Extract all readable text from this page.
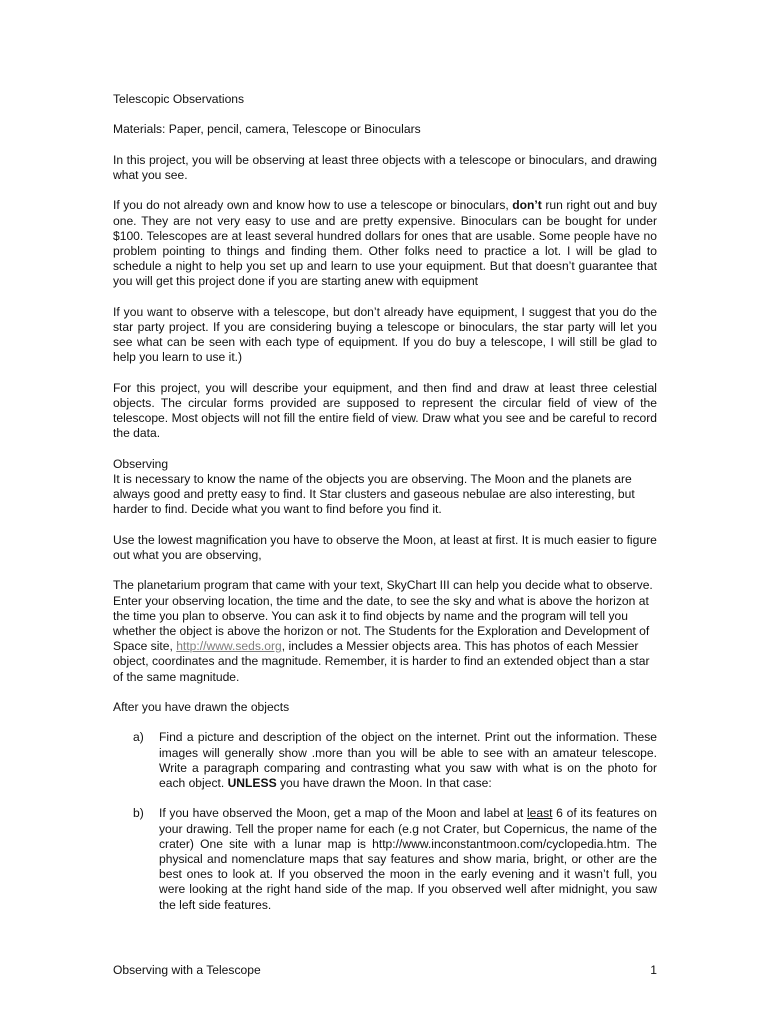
Telescopic Observations

Materials: Paper, pencil, camera, Telescope or Binoculars

In this project, you will be observing at least three objects with a telescope or binoculars, and drawing what you see.

If you do not already own and know how to use a telescope or binoculars, don’t run right out and buy one. They are not very easy to use and are pretty expensive. Binoculars can be bought for under $100. Telescopes are at least several hundred dollars for ones that are usable. Some people have no problem pointing to things and finding them. Other folks need to practice a lot. I will be glad to schedule a night to help you set up and learn to use your equipment. But that doesn’t guarantee that you will get this project done if you are starting anew with equipment

If you want to observe with a telescope, but don’t already have equipment, I suggest that you do the star party project. If you are considering buying a telescope or binoculars, the star party will let you see what can be seen with each type of equipment. If you do buy a telescope, I will still be glad to help you learn to use it.)

For this project, you will describe your equipment, and then find and draw at least three celestial objects. The circular forms provided are supposed to represent the circular field of view of the telescope. Most objects will not fill the entire field of view. Draw what you see and be careful to record the data.

Observing

It is necessary to know the name of the objects you are observing. The Moon and the planets are always good and pretty easy to find. It Star clusters and gaseous nebulae are also interesting, but harder to find. Decide what you want to find before you find it.

Use the lowest magnification you have to observe the Moon, at least at first. It is much easier to figure out what you are observing,

The planetarium program that came with your text, SkyChart III can help you decide what to observe. Enter your observing location, the time and the date, to see the sky and what is above the horizon at the time you plan to observe. You can ask it to find objects by name and the program will tell you whether the object is above the horizon or not. The Students for the Exploration and Development of Space site, http://www.seds.org, includes a Messier objects area. This has photos of each Messier object, coordinates and the magnitude. Remember, it is harder to find an extended object than a star of the same magnitude.

After you have drawn the objects

a) Find a picture and description of the object on the internet. Print out the information. These images will generally show .more than you will be able to see with an amateur telescope. Write a paragraph comparing and contrasting what you saw with what is on the photo for each object. UNLESS you have drawn the Moon. In that case:
b) If you have observed the Moon, get a map of the Moon and label at least 6 of its features on your drawing. Tell the proper name for each (e.g not Crater, but Copernicus, the name of the crater) One site with a lunar map is http://www.inconstantmoon.com/cyclopedia.htm. The physical and nomenclature maps that say features and show maria, bright, or other are the best ones to look at. If you observed the moon in the early evening and it wasn’t full, you were looking at the right hand side of the map. If you observed well after midnight, you saw the left side features.
Observing with a Telescope	1
